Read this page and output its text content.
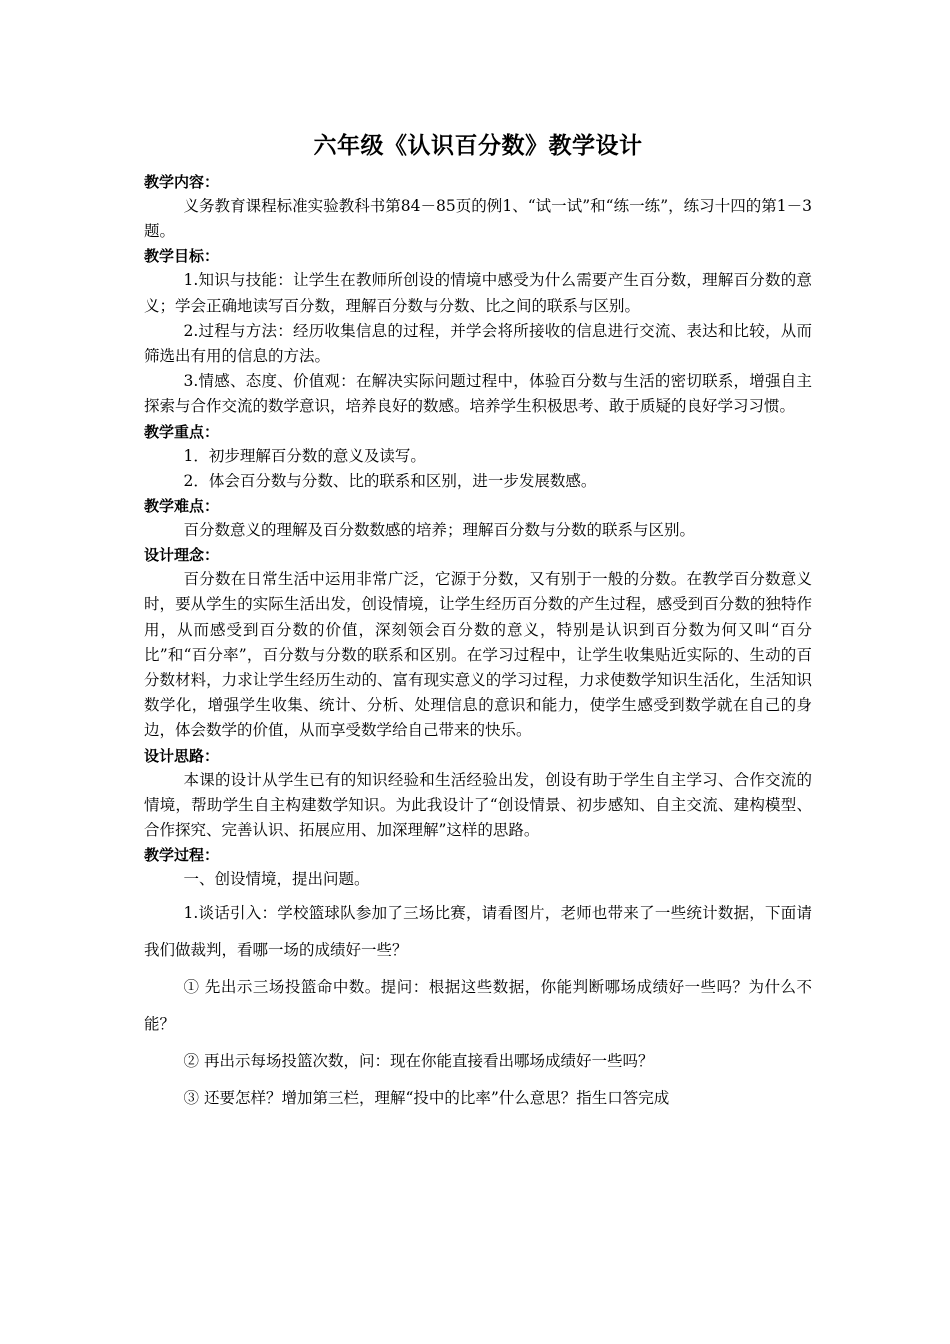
六年级《认识百分数》教学设计

教学内容：

义务教育课程标准实验教科书第84－85页的例1、“试一试”和“练一练”，练习十四的第1－3题。

教学目标：

1.知识与技能：让学生在教师所创设的情境中感受为什么需要产生百分数，理解百分数的意义；学会正确地读写百分数，理解百分数与分数、比之间的联系与区别。

2.过程与方法：经历收集信息的过程，并学会将所接收的信息进行交流、表达和比较，从而筛选出有用的信息的方法。

3.情感、态度、价值观：在解决实际问题过程中，体验百分数与生活的密切联系，增强自主探索与合作交流的数学意识，培养良好的数感。培养学生积极思考、敢于质疑的良好学习习惯。

教学重点：

1．初步理解百分数的意义及读写。

2．体会百分数与分数、比的联系和区别，进一步发展数感。

教学难点：

百分数意义的理解及百分数数感的培养；理解百分数与分数的联系与区别。

设计理念：

百分数在日常生活中运用非常广泛，它源于分数，又有别于一般的分数。在教学百分数意义时，要从学生的实际生活出发，创设情境，让学生经历百分数的产生过程，感受到百分数的独特作用，从而感受到百分数的价值，深刻领会百分数的意义，特别是认识到百分数为何又叫“百分比”和“百分率”，百分数与分数的联系和区别。在学习过程中，让学生收集贴近实际的、生动的百分数材料，力求让学生经历生动的、富有现实意义的学习过程，力求使数学知识生活化，生活知识数学化，增强学生收集、统计、分析、处理信息的意识和能力，使学生感受到数学就在自己的身边，体会数学的价值，从而享受数学给自己带来的快乐。

设计思路：

本课的设计从学生已有的知识经验和生活经验出发，创设有助于学生自主学习、合作交流的情境，帮助学生自主构建数学知识。为此我设计了“创设情景、初步感知、自主交流、建构模型、合作探究、完善认识、拓展应用、加深理解”这样的思路。

教学过程：

一、创设情境，提出问题。

1.谈话引入：学校篮球队参加了三场比赛，请看图片，老师也带来了一些统计数据，下面请我们做裁判，看哪一场的成绩好一些？

① 先出示三场投篮命中数。提问：根据这些数据，你能判断哪场成绩好一些吗？为什么不能？

② 再出示每场投篮次数，问：现在你能直接看出哪场成绩好一些吗？

③ 还要怎样？增加第三栏，理解“投中的比率”什么意思？指生口答完成
